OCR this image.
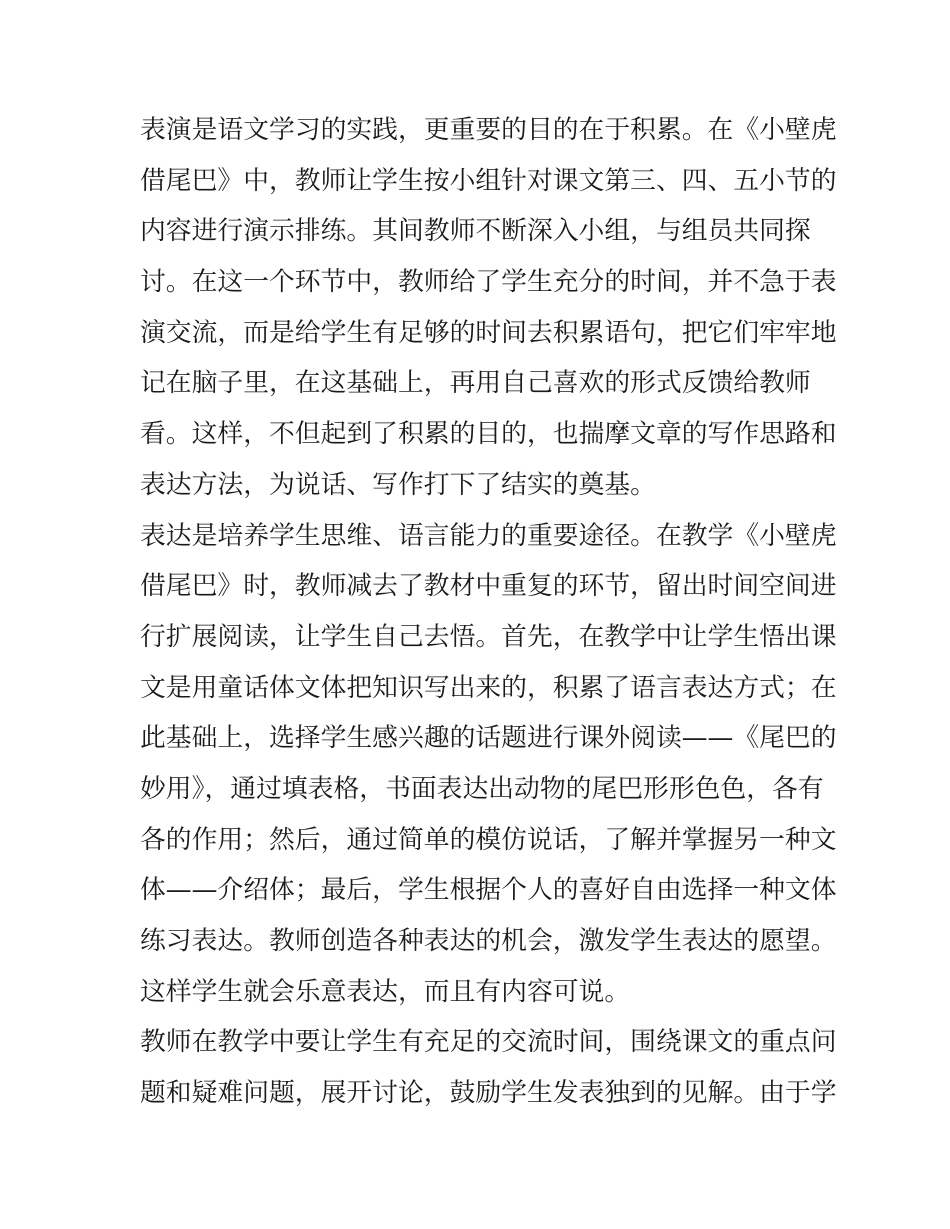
表演是语文学习的实践，更重要的目的在于积累。在《小壁虎
借尾巴》中，教师让学生按小组针对课文第三、四、五小节的
内容进行演示排练。其间教师不断深入小组，与组员共同探
讨。在这一个环节中，教师给了学生充分的时间，并不急于表
演交流，而是给学生有足够的时间去积累语句，把它们牢牢地
记在脑子里，在这基础上，再用自己喜欢的形式反馈给教师
看。这样，不但起到了积累的目的，也揣摩文章的写作思路和
表达方法，为说话、写作打下了结实的奠基。
表达是培养学生思维、语言能力的重要途径。在教学《小壁虎
借尾巴》时，教师减去了教材中重复的环节，留出时间空间进
行扩展阅读，让学生自己去悟。首先，在教学中让学生悟出课
文是用童话体文体把知识写出来的，积累了语言表达方式；在
此基础上，选择学生感兴趣的话题进行课外阅读——《尾巴的
妙用》，通过填表格，书面表达出动物的尾巴形形色色，各有
各的作用；然后，通过简单的模仿说话，了解并掌握另一种文
体——介绍体；最后，学生根据个人的喜好自由选择一种文体
练习表达。教师创造各种表达的机会，激发学生表达的愿望。
这样学生就会乐意表达，而且有内容可说。
教师在教学中要让学生有充足的交流时间，围绕课文的重点问
题和疑难问题，展开讨论，鼓励学生发表独到的见解。由于学
